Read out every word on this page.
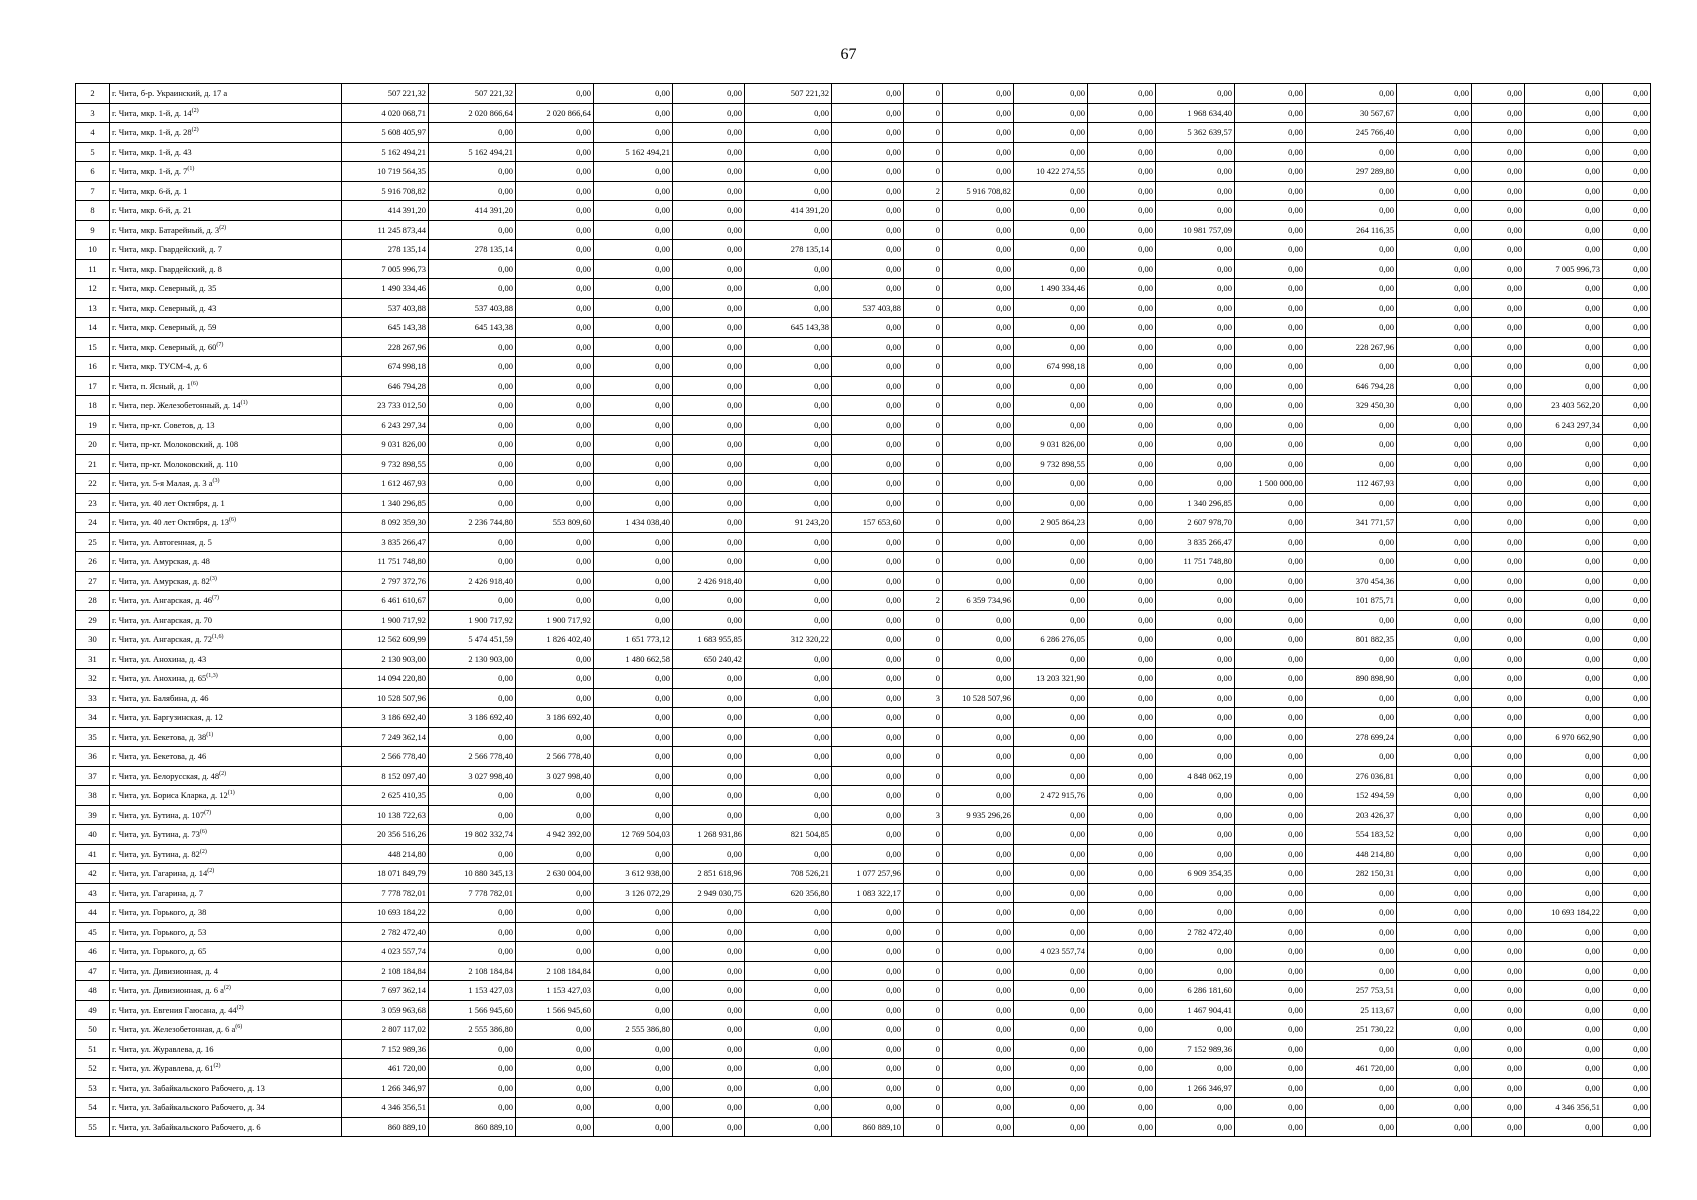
67
2	г. Чита, б-р. Украинский, д. 17 а	507 221,32	507 221,32	0,00	0,00	0,00	507 221,32	0,00	0	0,00	0,00	0,00	0,00	0,00	0,00	0,00	0,00	0,00	0,00
3	г. Чита, мкр. 1-й, д. 14$^{(2)}$	4 020 068,71	2 020 866,64	2 020 866,64	0,00	0,00	0,00	0,00	0	0,00	0,00	0,00	1 968 634,40	0,00	30 567,67	0,00	0,00	0,00	0,00
4	г. Чита, мкр. 1-й, д. 28$^{(2)}$	5 608 405,97	0,00	0,00	0,00	0,00	0,00	0,00	0	0,00	0,00	0,00	5 362 639,57	0,00	245 766,40	0,00	0,00	0,00	0,00
5	г. Чита, мкр. 1-й, д. 43	5 162 494,21	5 162 494,21	0,00	5 162 494,21	0,00	0,00	0,00	0	0,00	0,00	0,00	0,00	0,00	0,00	0,00	0,00	0,00	0,00
6	г. Чита, мкр. 1-й, д. 7$^{(1)}$	10 719 564,35	0,00	0,00	0,00	0,00	0,00	0,00	0	0,00	10 422 274,55	0,00	0,00	0,00	297 289,80	0,00	0,00	0,00	0,00
7	г. Чита, мкр. 6-й, д. 1	5 916 708,82	0,00	0,00	0,00	0,00	0,00	0,00	2	5 916 708,82	0,00	0,00	0,00	0,00	0,00	0,00	0,00	0,00	0,00
8	г. Чита, мкр. 6-й, д. 21	414 391,20	414 391,20	0,00	0,00	0,00	414 391,20	0,00	0	0,00	0,00	0,00	0,00	0,00	0,00	0,00	0,00	0,00	0,00
9	г. Чита, мкр. Батарейный, д. 3$^{(2)}$	11 245 873,44	0,00	0,00	0,00	0,00	0,00	0,00	0	0,00	0,00	0,00	10 981 757,09	0,00	264 116,35	0,00	0,00	0,00	0,00
10	г. Чита, мкр. Гвардейский, д. 7	278 135,14	278 135,14	0,00	0,00	0,00	278 135,14	0,00	0	0,00	0,00	0,00	0,00	0,00	0,00	0,00	0,00	0,00	0,00
11	г. Чита, мкр. Гвардейский, д. 8	7 005 996,73	0,00	0,00	0,00	0,00	0,00	0,00	0	0,00	0,00	0,00	0,00	0,00	0,00	0,00	0,00	7 005 996,73	0,00
12	г. Чита, мкр. Северный, д. 35	1 490 334,46	0,00	0,00	0,00	0,00	0,00	0,00	0	0,00	1 490 334,46	0,00	0,00	0,00	0,00	0,00	0,00	0,00	0,00
13	г. Чита, мкр. Северный, д. 43	537 403,88	537 403,88	0,00	0,00	0,00	0,00	537 403,88	0	0,00	0,00	0,00	0,00	0,00	0,00	0,00	0,00	0,00	0,00
14	г. Чита, мкр. Северный, д. 59	645 143,38	645 143,38	0,00	0,00	0,00	645 143,38	0,00	0	0,00	0,00	0,00	0,00	0,00	0,00	0,00	0,00	0,00	0,00
15	г. Чита, мкр. Северный, д. 60$^{(7)}$	228 267,96	0,00	0,00	0,00	0,00	0,00	0,00	0	0,00	0,00	0,00	0,00	0,00	228 267,96	0,00	0,00	0,00	0,00
16	г. Чита, мкр. ТУСМ-4, д. 6	674 998,18	0,00	0,00	0,00	0,00	0,00	0,00	0	0,00	674 998,18	0,00	0,00	0,00	0,00	0,00	0,00	0,00	0,00
17	г. Чита, п. Ясный, д. 1$^{(6)}$	646 794,28	0,00	0,00	0,00	0,00	0,00	0,00	0	0,00	0,00	0,00	0,00	0,00	646 794,28	0,00	0,00	0,00	0,00
18	г. Чита, пер. Железобетонный, д. 14$^{(1)}$	23 733 012,50	0,00	0,00	0,00	0,00	0,00	0,00	0	0,00	0,00	0,00	0,00	0,00	329 450,30	0,00	0,00	23 403 562,20	0,00
19	г. Чита, пр-кт. Советов, д. 13	6 243 297,34	0,00	0,00	0,00	0,00	0,00	0,00	0	0,00	0,00	0,00	0,00	0,00	0,00	0,00	0,00	6 243 297,34	0,00
20	г. Чита, пр-кт. Молоковский, д. 108	9 031 826,00	0,00	0,00	0,00	0,00	0,00	0,00	0	0,00	9 031 826,00	0,00	0,00	0,00	0,00	0,00	0,00	0,00	0,00
21	г. Чита, пр-кт. Молоковский, д. 110	9 732 898,55	0,00	0,00	0,00	0,00	0,00	0,00	0	0,00	9 732 898,55	0,00	0,00	0,00	0,00	0,00	0,00	0,00	0,00
22	г. Чита, ул. 5-я Малая, д. 3 $а^{(3)}$	1 612 467,93	0,00	0,00	0,00	0,00	0,00	0,00	0	0,00	0,00	0,00	0,00	1 500 000,00	112 467,93	0,00	0,00	0,00	0,00
23	г. Чита, ул. 40 лет Октября, д. 1	1 340 296,85	0,00	0,00	0,00	0,00	0,00	0,00	0	0,00	0,00	0,00	1 340 296,85	0,00	0,00	0,00	0,00	0,00	0,00
24	г. Чита, ул. 40 лет Октября, д. 13$^{(6)}$	8 092 359,30	2 236 744,80	553 809,60	1 434 038,40	0,00	91 243,20	157 653,60	0	0,00	2 905 864,23	0,00	2 607 978,70	0,00	341 771,57	0,00	0,00	0,00	0,00
25	г. Чита, ул. Автогенная, д. 5	3 835 266,47	0,00	0,00	0,00	0,00	0,00	0,00	0	0,00	0,00	0,00	3 835 266,47	0,00	0,00	0,00	0,00	0,00	0,00
26	г. Чита, ул. Амурская, д. 48	11 751 748,80	0,00	0,00	0,00	0,00	0,00	0,00	0	0,00	0,00	0,00	11 751 748,80	0,00	0,00	0,00	0,00	0,00	0,00
27	г. Чита, ул. Амурская, д. 82$^{(3)}$	2 797 372,76	2 426 918,40	0,00	0,00	2 426 918,40	0,00	0,00	0	0,00	0,00	0,00	0,00	0,00	370 454,36	0,00	0,00	0,00	0,00
28	г. Чита, ул. Ангарская, д. 46$^{(7)}$	6 461 610,67	0,00	0,00	0,00	0,00	0,00	0,00	2	6 359 734,96	0,00	0,00	0,00	0,00	101 875,71	0,00	0,00	0,00	0,00
29	г. Чита, ул. Ангарская, д. 70	1 900 717,92	1 900 717,92	1 900 717,92	0,00	0,00	0,00	0,00	0	0,00	0,00	0,00	0,00	0,00	0,00	0,00	0,00	0,00	0,00
30	г. Чита, ул. Ангарская, д. 72$^{(1,6)}$	12 562 609,99	5 474 451,59	1 826 402,40	1 651 773,12	1 683 955,85	312 320,22	0,00	0	0,00	6 286 276,05	0,00	0,00	0,00	801 882,35	0,00	0,00	0,00	0,00
31	г. Чита, ул. Анохина, д. 43	2 130 903,00	2 130 903,00	0,00	1 480 662,58	650 240,42	0,00	0,00	0	0,00	0,00	0,00	0,00	0,00	0,00	0,00	0,00	0,00	0,00
32	г. Чита, ул. Анохина, д. 65$^{(1,3)}$	14 094 220,80	0,00	0,00	0,00	0,00	0,00	0,00	0	0,00	13 203 321,90	0,00	0,00	0,00	890 898,90	0,00	0,00	0,00	0,00
33	г. Чита, ул. Балябина, д. 46	10 528 507,96	0,00	0,00	0,00	0,00	0,00	0,00	3	10 528 507,96	0,00	0,00	0,00	0,00	0,00	0,00	0,00	0,00	0,00
34	г. Чита, ул. Баргузинская, д. 12	3 186 692,40	3 186 692,40	3 186 692,40	0,00	0,00	0,00	0,00	0	0,00	0,00	0,00	0,00	0,00	0,00	0,00	0,00	0,00	0,00
35	г. Чита, ул. Бекетова, д. 38$^{(1)}$	7 249 362,14	0,00	0,00	0,00	0,00	0,00	0,00	0	0,00	0,00	0,00	0,00	0,00	278 699,24	0,00	0,00	6 970 662,90	0,00
36	г. Чита, ул. Бекетова, д. 46	2 566 778,40	2 566 778,40	2 566 778,40	0,00	0,00	0,00	0,00	0	0,00	0,00	0,00	0,00	0,00	0,00	0,00	0,00	0,00	0,00
37	г. Чита, ул. Белорусская, д. 48$^{(2)}$	8 152 097,40	3 027 998,40	3 027 998,40	0,00	0,00	0,00	0,00	0	0,00	0,00	0,00	4 848 062,19	0,00	276 036,81	0,00	0,00	0,00	0,00
38	г. Чита, ул. Бориса Кларка, д. 12$^{(1)}$	2 625 410,35	0,00	0,00	0,00	0,00	0,00	0,00	0	0,00	2 472 915,76	0,00	0,00	0,00	152 494,59	0,00	0,00	0,00	0,00
39	г. Чита, ул. Бутина, д. 107$^{(7)}$	10 138 722,63	0,00	0,00	0,00	0,00	0,00	0,00	3	9 935 296,26	0,00	0,00	0,00	0,00	203 426,37	0,00	0,00	0,00	0,00
40	г. Чита, ул. Бутина, д. 73$^{(6)}$	20 356 516,26	19 802 332,74	4 942 392,00	12 769 504,03	1 268 931,86	821 504,85	0,00	0	0,00	0,00	0,00	0,00	0,00	554 183,52	0,00	0,00	0,00	0,00
41	г. Чита, ул. Бутина, д. 82$^{(2)}$	448 214,80	0,00	0,00	0,00	0,00	0,00	0,00	0	0,00	0,00	0,00	0,00	0,00	448 214,80	0,00	0,00	0,00	0,00
42	г. Чита, ул. Гагарина, д. 14$^{(2)}$	18 071 849,79	10 880 345,13	2 630 004,00	3 612 938,00	2 851 618,96	708 526,21	1 077 257,96	0	0,00	0,00	0,00	6 909 354,35	0,00	282 150,31	0,00	0,00	0,00	0,00
43	г. Чита, ул. Гагарина, д. 7	7 778 782,01	7 778 782,01	0,00	3 126 072,29	2 949 030,75	620 356,80	1 083 322,17	0	0,00	0,00	0,00	0,00	0,00	0,00	0,00	0,00	0,00	0,00
44	г. Чита, ул. Горького, д. 38	10 693 184,22	0,00	0,00	0,00	0,00	0,00	0,00	0	0,00	0,00	0,00	0,00	0,00	0,00	0,00	0,00	10 693 184,22	0,00
45	г. Чита, ул. Горького, д. 53	2 782 472,40	0,00	0,00	0,00	0,00	0,00	0,00	0	0,00	0,00	0,00	2 782 472,40	0,00	0,00	0,00	0,00	0,00	0,00
46	г. Чита, ул. Горького, д. 65	4 023 557,74	0,00	0,00	0,00	0,00	0,00	0,00	0	0,00	4 023 557,74	0,00	0,00	0,00	0,00	0,00	0,00	0,00	0,00
47	г. Чита, ул. Дивизионная, д. 4	2 108 184,84	2 108 184,84	2 108 184,84	0,00	0,00	0,00	0,00	0	0,00	0,00	0,00	0,00	0,00	0,00	0,00	0,00	0,00	0,00
48	г. Чита, ул. Дивизионная, д. 6 $а^{(2)}$	7 697 362,14	1 153 427,03	1 153 427,03	0,00	0,00	0,00	0,00	0	0,00	0,00	0,00	6 286 181,60	0,00	257 753,51	0,00	0,00	0,00	0,00
49	г. Чита, ул. Евгения Гаюсана, д. 44$^{(2)}$	3 059 963,68	1 566 945,60	1 566 945,60	0,00	0,00	0,00	0,00	0	0,00	0,00	0,00	1 467 904,41	0,00	25 113,67	0,00	0,00	0,00	0,00
50	г. Чита, ул. Железобетонная, д. 6 $а^{(6)}$	2 807 117,02	2 555 386,80	0,00	2 555 386,80	0,00	0,00	0,00	0	0,00	0,00	0,00	0,00	0,00	251 730,22	0,00	0,00	0,00	0,00
51	г. Чита, ул. Журавлева, д. 16	7 152 989,36	0,00	0,00	0,00	0,00	0,00	0,00	0	0,00	0,00	0,00	7 152 989,36	0,00	0,00	0,00	0,00	0,00	0,00
52	г. Чита, ул. Журавлева, д. 61$^{(2)}$	461 720,00	0,00	0,00	0,00	0,00	0,00	0,00	0	0,00	0,00	0,00	0,00	0,00	461 720,00	0,00	0,00	0,00	0,00
53	г. Чита, ул. Забайкальского Рабочего, д. 13	1 266 346,97	0,00	0,00	0,00	0,00	0,00	0,00	0	0,00	0,00	0,00	1 266 346,97	0,00	0,00	0,00	0,00	0,00	0,00
54	г. Чита, ул. Забайкальского Рабочего, д. 34	4 346 356,51	0,00	0,00	0,00	0,00	0,00	0,00	0	0,00	0,00	0,00	0,00	0,00	0,00	0,00	0,00	4 346 356,51	0,00
55	г. Чита, ул. Забайкальского Рабочего, д. 6	860 889,10	860 889,10	0,00	0,00	0,00	0,00	860 889,10	0	0,00	0,00	0,00	0,00	0,00	0,00	0,00	0,00	0,00	0,00
